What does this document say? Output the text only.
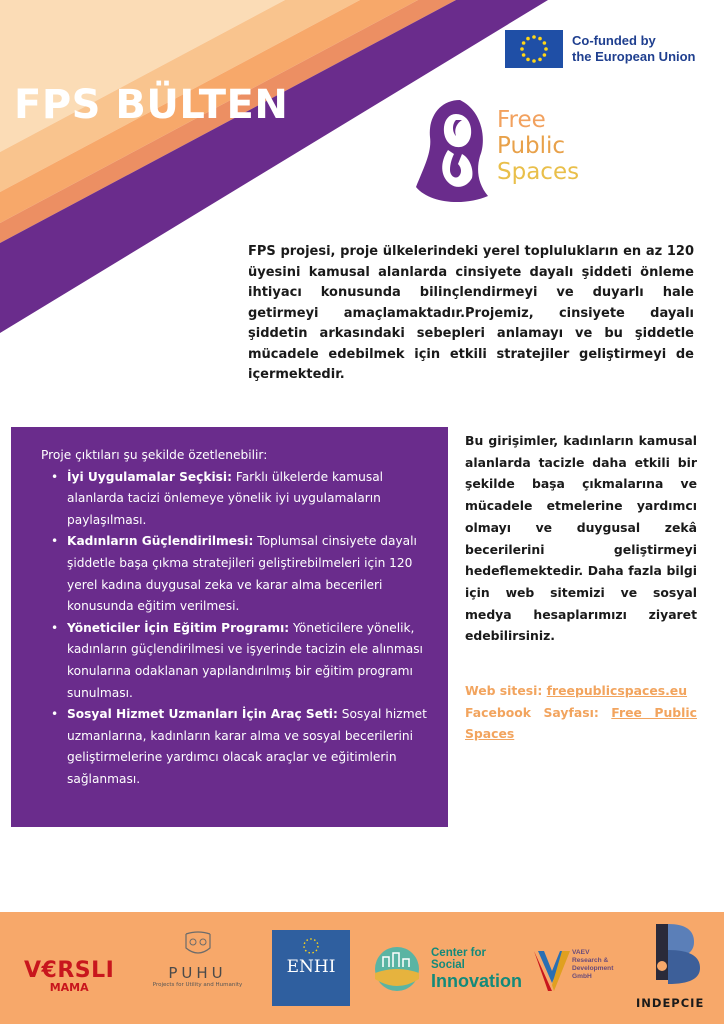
FPS BÜLTEN
Co-funded by
the European Union
Free
Public
Spaces

FPS projesi, proje ülkelerindeki yerel toplulukların en az 120 üyesini kamusal alanlarda cinsiyete dayalı şiddeti önleme ihtiyacı konusunda bilinçlendirmeyi ve duyarlı hale getirmeyi amaçlamaktadır.Projemiz, cinsiyete dayalı şiddetin arkasındaki sebepleri anlamayı ve bu şiddetle mücadele edebilmek için etkili stratejiler geliştirmeyi de içermektedir.

Proje çıktıları şu şekilde özetlenebilir:
• İyi Uygulamalar Seçkisi: Farklı ülkelerde kamusal alanlarda tacizi önlemeye yönelik iyi uygulamaların paylaşılması.
• Kadınların Güçlendirilmesi: Toplumsal cinsiyete dayalı şiddetle başa çıkma stratejileri geliştirebilmeleri için 120 yerel kadına duygusal zeka ve karar alma becerileri konusunda eğitim verilmesi.
• Yöneticiler İçin Eğitim Programı: Yöneticilere yönelik, kadınların güçlendirilmesi ve işyerinde tacizin ele alınması konularına odaklanan yapılandırılmış bir eğitim programı sunulması.
• Sosyal Hizmet Uzmanları İçin Araç Seti: Sosyal hizmet uzmanlarına, kadınların karar alma ve sosyal becerilerini geliştirmelerine yardımcı olacak araçlar ve eğitimlerin sağlanması.

Bu girişimler, kadınların kamusal alanlarda tacizle daha etkili bir şekilde başa çıkmalarına ve mücadele etmelerine yardımcı olmayı ve duygusal zekâ becerilerini geliştirmeyi hedeflemektedir. Daha fazla bilgi için web sitemizi ve sosyal medya hesaplarımızı ziyaret edebilirsiniz.

Web sitesi: freepublicspaces.eu
Facebook Sayfası: Free Public Spaces
V€RSLI
MAMA
PUHU
Projects for Utility and Humanity
ENHI
Center for Social
Innovation
VAEV
Research &
Development
GmbH
INDEPCIE
